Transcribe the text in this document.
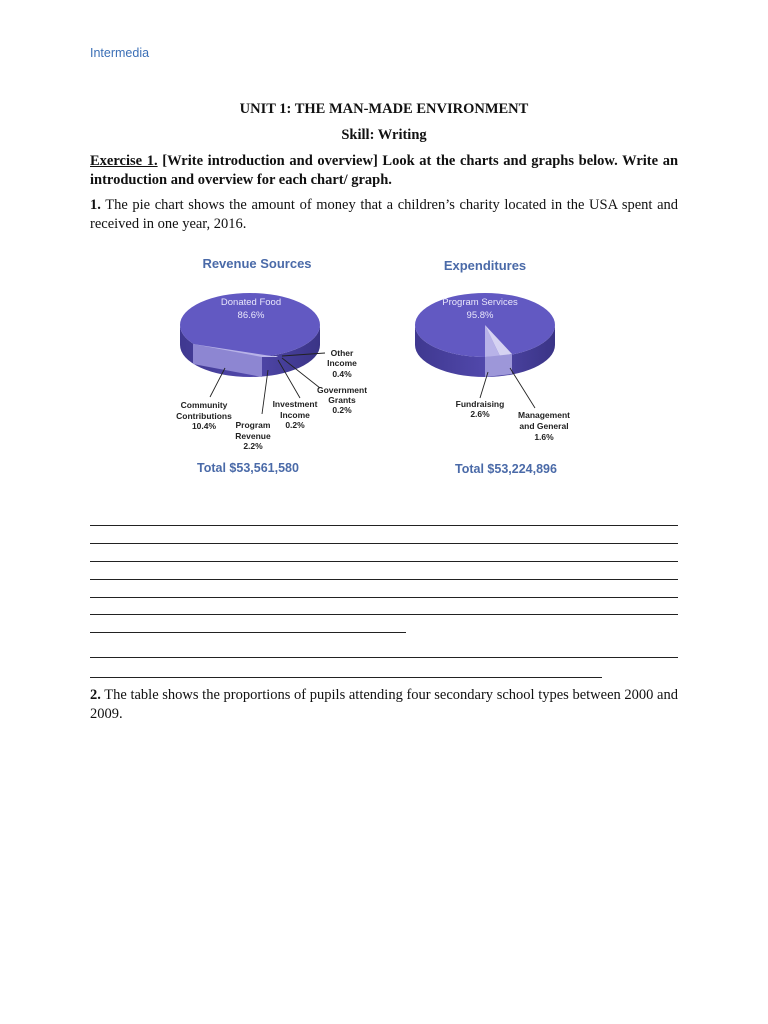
Intermedia
UNIT 1: THE MAN-MADE ENVIRONMENT
Skill: Writing
Exercise 1. [Write introduction and overview] Look at the charts and graphs below. Write an introduction and overview for each chart/ graph.
1. The pie chart shows the amount of money that a children’s charity located in the USA spent and received in one year, 2016.
Revenue Sources
Donated Food
86.6%
Other
Income
0.4%
Government
Grants
0.2%
Investment
Income
0.2%
Community
Contributions
10.4% Program
Revenue
2.2%
Total $53,561,580
Expenditures
Program Services
95.8%
Fundraising
2.6%	Management
and General
1.6%
Total $53,224,896
2. The table shows the proportions of pupils attending four secondary school types between 2000 and 2009.
